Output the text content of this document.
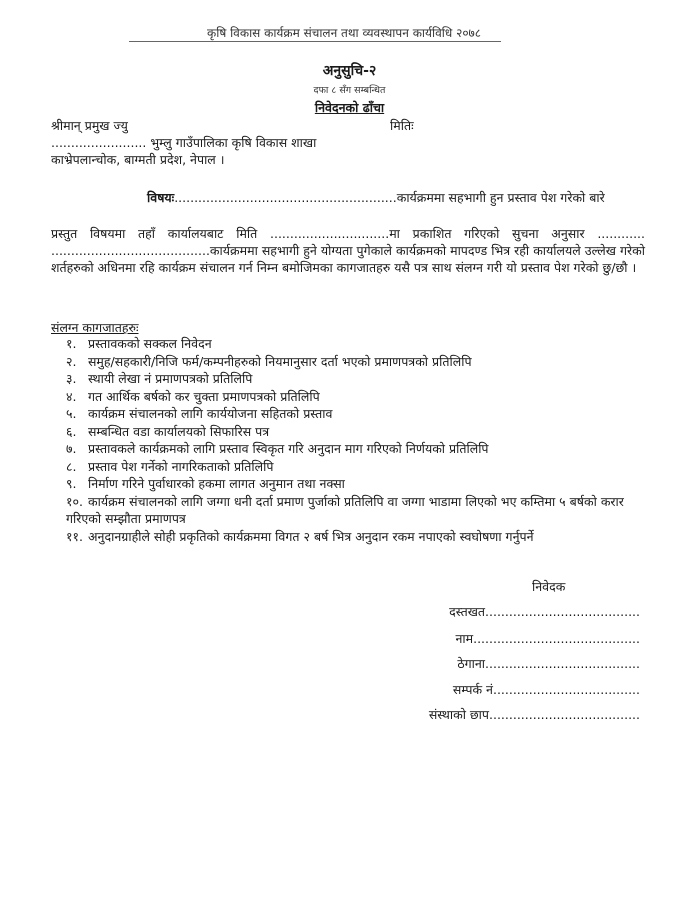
कृषि विकास कार्यक्रम संचालन तथा व्यवस्थापन कार्यविधि २०७८
अनुसुचि-२
दफा ८ सँग सम्बन्धित
निवेदनको ढाँचा
श्रीमान् प्रमुख ज्यु	मितिः
........................ भुम्लु गाउँपालिका कृषि विकास शाखा
काभ्रेपलान्चोक, बाग्मती प्रदेश, नेपाल ।
विषयः........................................................कार्यक्रममा सहभागी हुन प्रस्ताव पेश गरेको बारे

प्रस्तुत विषयमा तहाँ कार्यालयबाट मिति ..............................मा प्रकाशित गरिएको सुचना अनुसार ............ ........................................कार्यक्रममा सहभागी हुने योग्यता पुगेकाले कार्यक्रमको मापदण्ड भित्र रही कार्यालयले उल्लेख गरेको शर्तहरुको अधिनमा रहि कार्यक्रम संचालन गर्न निम्न बमोजिमका कागजातहरु यसै पत्र साथ संलग्न गरी यो प्रस्ताव पेश गरेको छु/छौ ।

संलग्न कागजातहरुः
१. प्रस्तावकको सक्कल निवेदन
२. समुह/सहकारी/निजि फर्म/कम्पनीहरुको नियमानुसार दर्ता भएको प्रमाणपत्रको प्रतिलिपि
३. स्थायी लेखा नं प्रमाणपत्रको प्रतिलिपि
४. गत आर्थिक बर्षको कर चुक्ता प्रमाणपत्रको प्रतिलिपि
५. कार्यक्रम संचालनको लागि कार्ययोजना सहितको प्रस्ताव
६. सम्बन्धित वडा कार्यालयको सिफारिस पत्र
७. प्रस्तावकले कार्यक्रमको लागि प्रस्ताव स्विकृत गरि अनुदान माग गरिएको निर्णयको प्रतिलिपि
८. प्रस्ताव पेश गर्नेको नागरिकताको प्रतिलिपि
९. निर्माण गरिने पुर्वाधारको हकमा लागत अनुमान तथा नक्सा
१०. कार्यक्रम संचालनको लागि जग्गा धनी दर्ता प्रमाण पुर्जाको प्रतिलिपि वा जग्गा भाडामा लिएको भए कम्तिमा ५ बर्षको करार गरिएको सम्झौता प्रमाणपत्र
११. अनुदानग्राहीले सोही प्रकृतिको कार्यक्रममा विगत २ बर्ष भित्र अनुदान रकम नपाएको स्वघोषणा गर्नुपर्ने
निवेदक
दस्तखत.......................................
नाम..........................................
ठेगाना.......................................
सम्पर्क नं.....................................
संस्थाको छाप......................................
